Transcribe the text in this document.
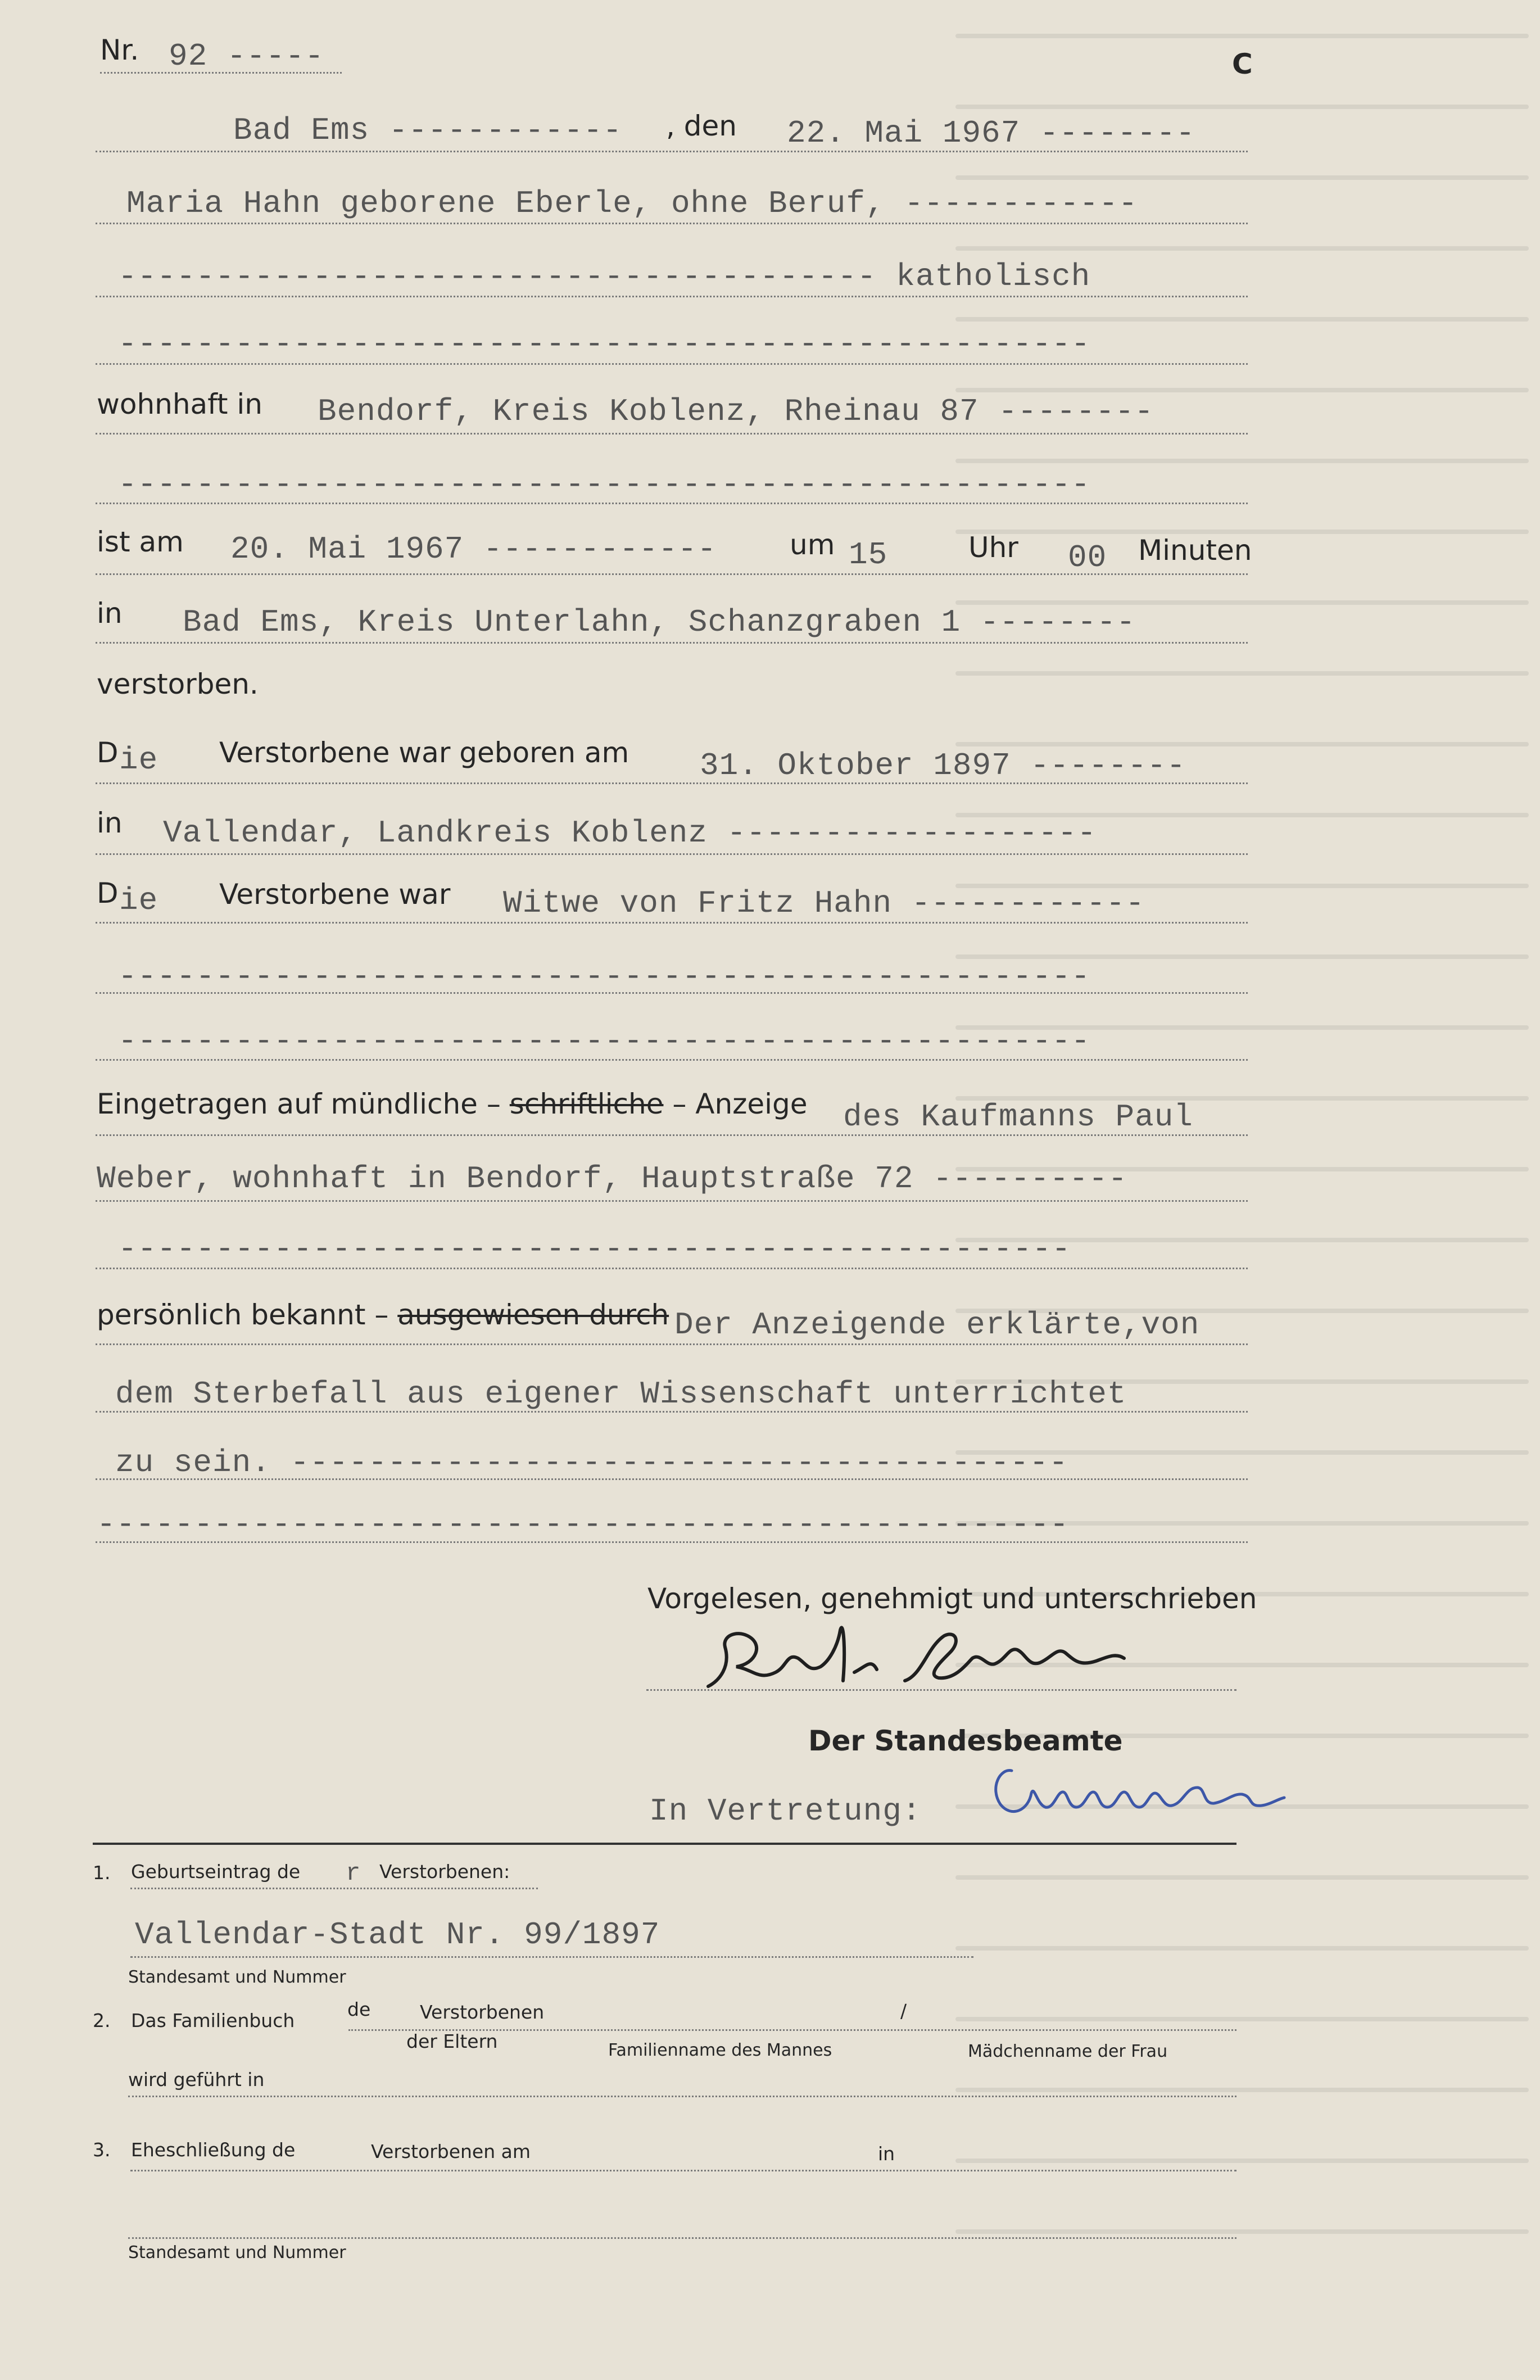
Nr. 92 -----	C
Bad Ems ------------ , den 22. Mai 1967 --------
Maria Hahn geborene Eberle, ohne Beruf, ------------
--------------------------------------- katholisch
--------------------------------------------------
wohnhaft in Bendorf, Kreis Koblenz, Rheinau 87 --------
--------------------------------------------------
ist am 20. Mai 1967 ------------	um 15	Uhr 00 Minuten
in Bad Ems, Kreis Unterlahn, Schanzgraben 1 --------
verstorben.
D ie Verstorbene war geboren am 31. Oktober 1897 --------
in Vallendar, Landkreis Koblenz -------------------
D ie Verstorbene war Witwe von Fritz Hahn ------------
--------------------------------------------------
--------------------------------------------------
Eingetragen auf mündliche – schriftliche – Anzeige des Kaufmanns Paul
Weber, wohnhaft in Bendorf, Hauptstraße 72 ----------
-------------------------------------------------
persönlich bekannt – ausgewiesen durch Der Anzeigende erklärte,von
dem Sterbefall aus eigener Wissenschaft unterrichtet
zu sein. ----------------------------------------
--------------------------------------------------
Vorgelesen, genehmigt und unterschrieben
Der Standesbeamte
In Vertretung:
1. Geburtseintrag de r Verstorbenen:
Vallendar-Stadt Nr. 99/1897
Standesamt und Nummer
2. Das Familienbuch
de	Verstorbenen
der Eltern
/
Familienname des Mannes	Mädchenname der Frau
wird geführt in
3. Eheschließung de	Verstorbenen am	in
Standesamt und Nummer
